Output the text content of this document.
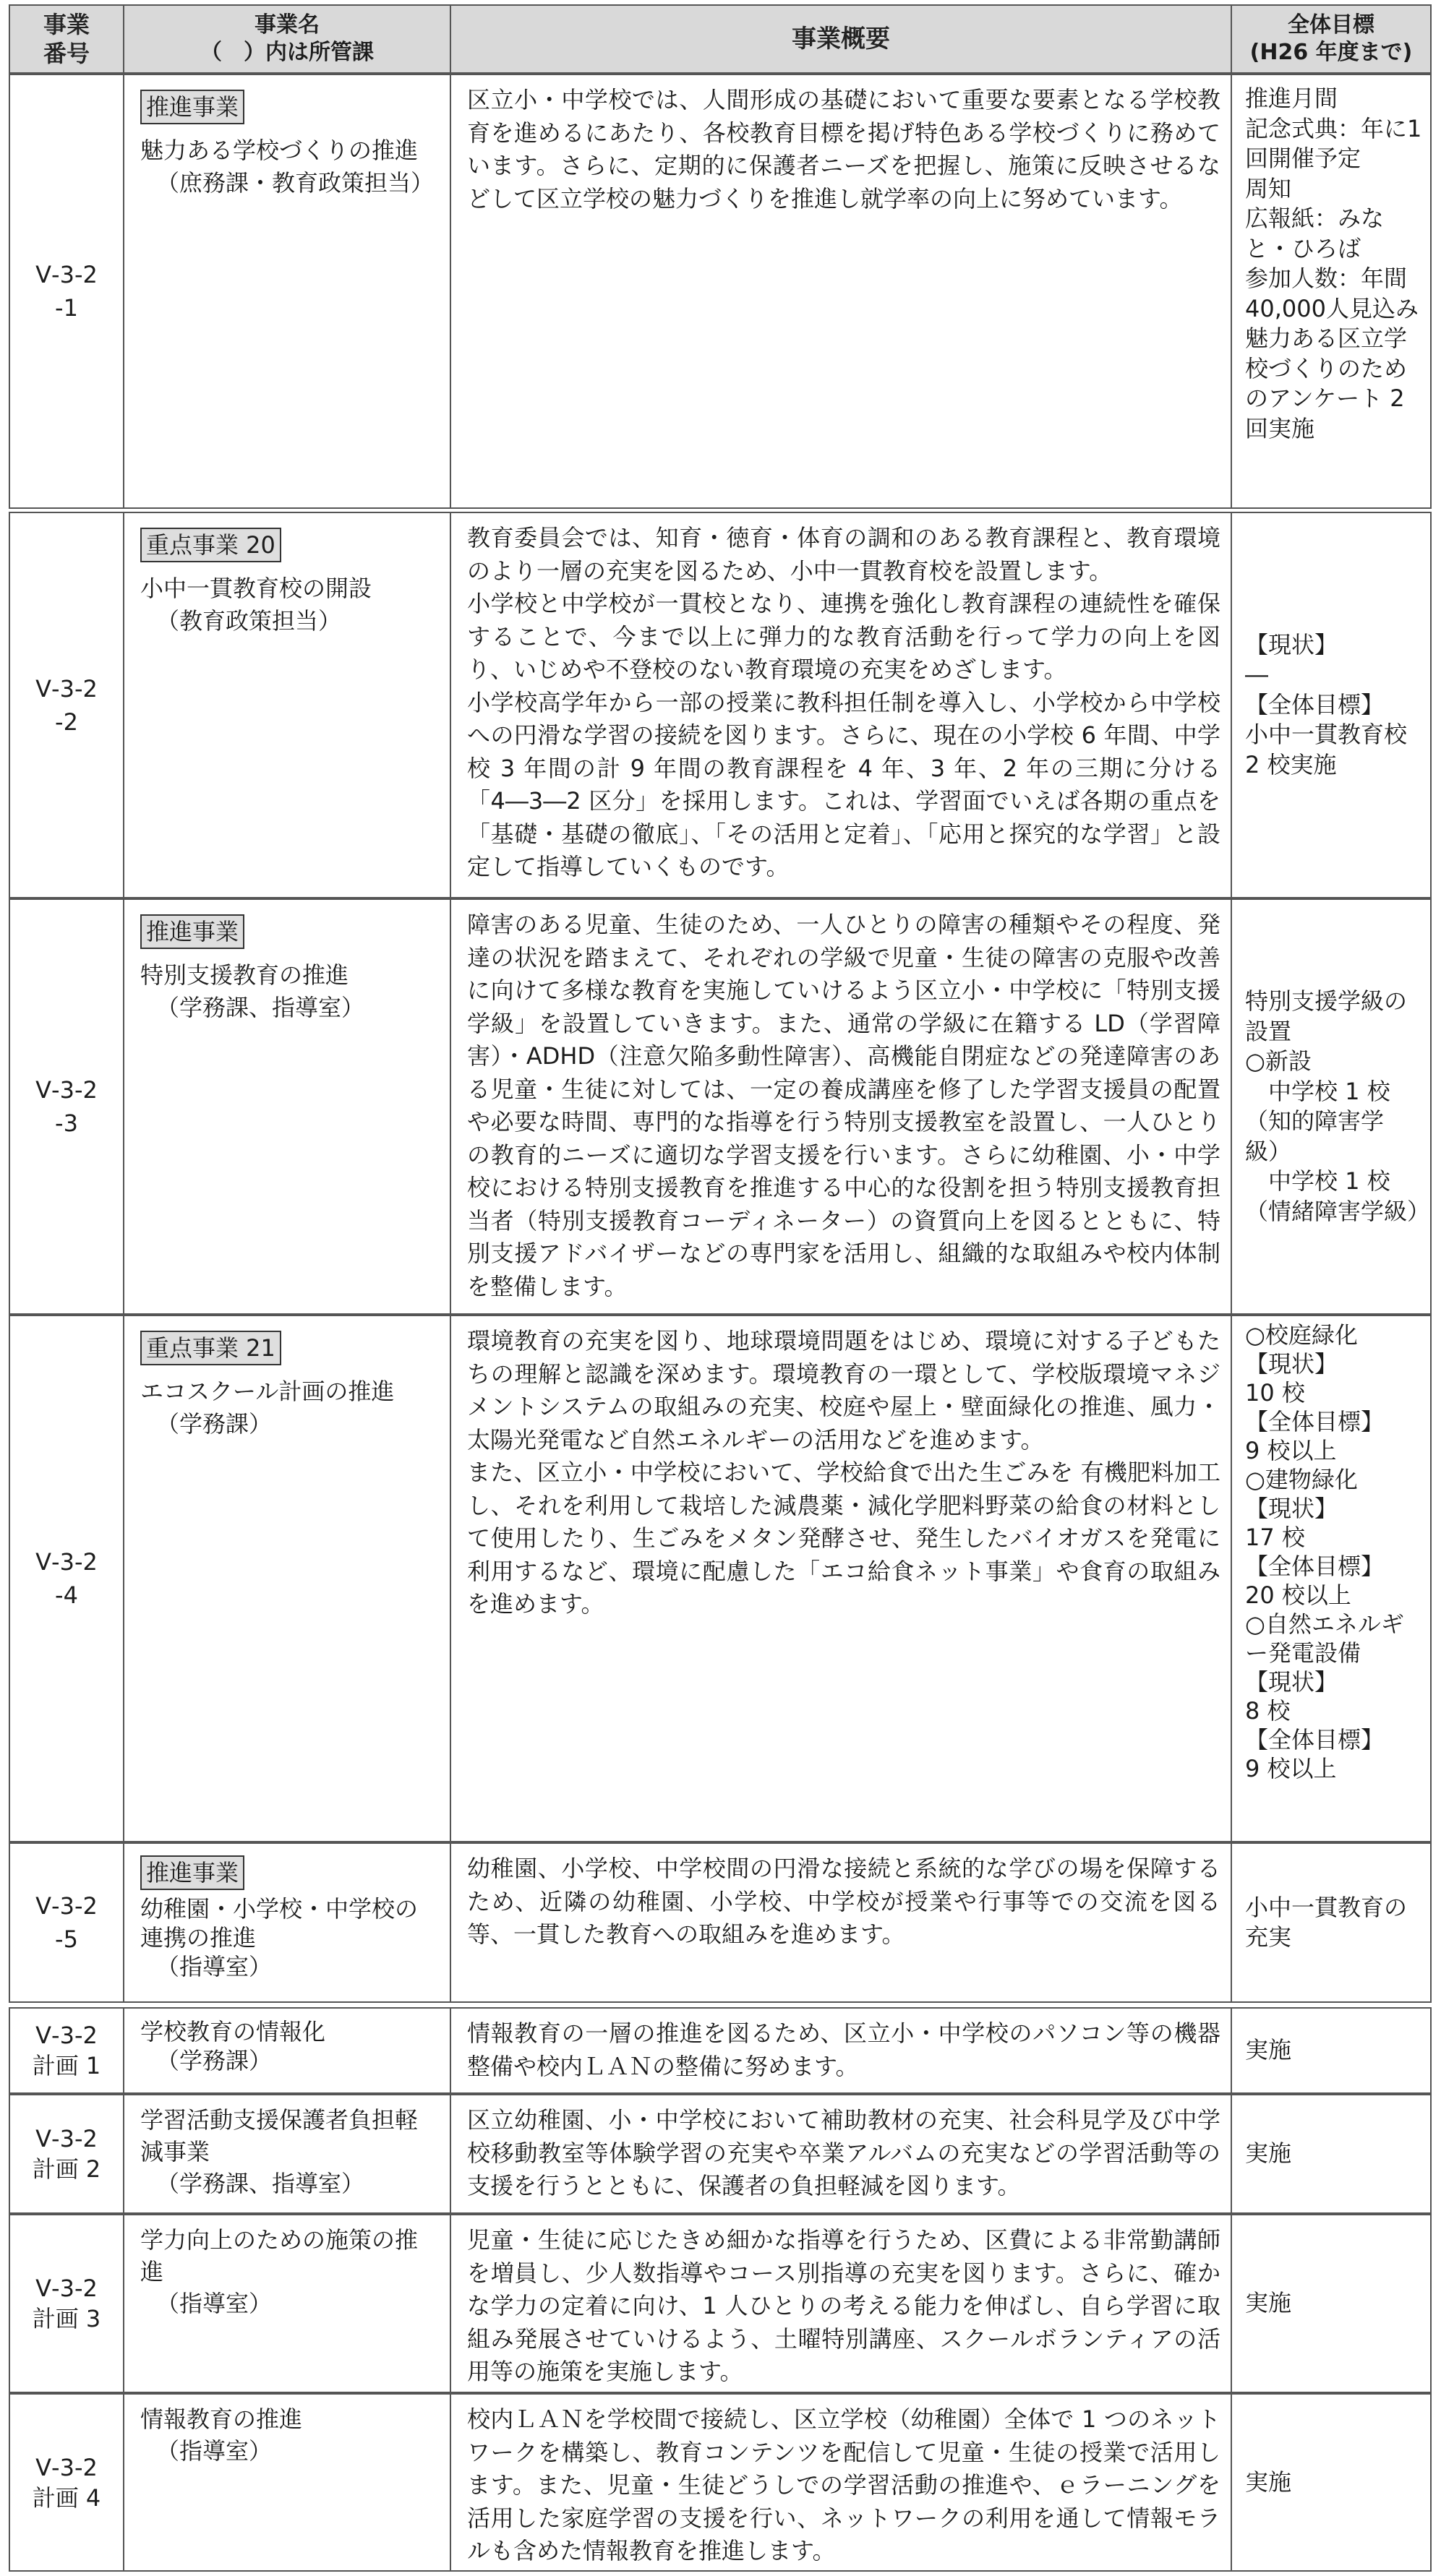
事業
番号
事業名
（　）内は所管課	事業概要	全体目標
(H26 年度まで)
Ⅴ-3-2
-1
推進事業
魅力ある学校づくりの推進
（庶務課・教育政策担当）
区立小・中学校では、人間形成の基礎において重要な要素となる学校教育を進めるにあたり、各校教育目標を掲げ特色ある学校づくりに務めています。さらに、定期的に保護者ニーズを把握し、施策に反映させるなどして区立学校の魅力づくりを推進し就学率の向上に努めています。
推進月間
記念式典：年に1回開催予定
周知
広報紙：みなと・ひろば
参加人数：年間40,000人見込み
魅力ある区立学校づくりのためのアンケート 2回実施
Ⅴ-3-2
-2
重点事業 20
小中一貫教育校の開設
（教育政策担当）
教育委員会では、知育・徳育・体育の調和のある教育課程と、教育環境のより一層の充実を図るため、小中一貫教育校を設置します。
小学校と中学校が一貫校となり、連携を強化し教育課程の連続性を確保することで、今まで以上に弾力的な教育活動を行って学力の向上を図り、いじめや不登校のない教育環境の充実をめざします。
小学校高学年から一部の授業に教科担任制を導入し、小学校から中学校への円滑な学習の接続を図ります。さらに、現在の小学校 6 年間、中学校 3 年間の計 9 年間の教育課程を 4 年、3 年、2 年の三期に分ける「4―3―2 区分」を採用します。これは、学習面でいえば各期の重点を「基礎・基礎の徹底」、「その活用と定着」、「応用と探究的な学習」と設定して指導していくものです。
【現状】
―
【全体目標】
小中一貫教育校 2 校実施
Ⅴ-3-2
-3
推進事業
特別支援教育の推進
（学務課、指導室）
障害のある児童、生徒のため、一人ひとりの障害の種類やその程度、発達の状況を踏まえて、それぞれの学級で児童・生徒の障害の克服や改善に向けて多様な教育を実施していけるよう区立小・中学校に「特別支援学級」を設置していきます。また、通常の学級に在籍する LD（学習障害）・ADHD（注意欠陥多動性障害）、高機能自閉症などの発達障害のある児童・生徒に対しては、一定の養成講座を修了した学習支援員の配置や必要な時間、専門的な指導を行う特別支援教室を設置し、一人ひとりの教育的ニーズに適切な学習支援を行います。さらに幼稚園、小・中学校における特別支援教育を推進する中心的な役割を担う特別支援教育担当者（特別支援教育コーディネーター）の資質向上を図るとともに、特別支援アドバイザーなどの専門家を活用し、組織的な取組みや校内体制を整備します。
特別支援学級の設置
○新設
　中学校 1 校
（知的障害学級）
　中学校 1 校
（情緒障害学級）
Ⅴ-3-2
-4
重点事業 21
エコスクール計画の推進
（学務課）
環境教育の充実を図り、地球環境問題をはじめ、環境に対する子どもたちの理解と認識を深めます。環境教育の一環として、学校版環境マネジメントシステムの取組みの充実、校庭や屋上・壁面緑化の推進、風力・太陽光発電など自然エネルギーの活用などを進めます。
また、区立小・中学校において、学校給食で出た生ごみを 有機肥料加工し、それを利用して栽培した減農薬・減化学肥料野菜の給食の材料として使用したり、生ごみをメタン発酵させ、発生したバイオガスを発電に利用するなど、環境に配慮した「エコ給食ネット事業」や食育の取組みを進めます。
○校庭緑化
【現状】
10 校
【全体目標】
9 校以上
○建物緑化
【現状】
17 校
【全体目標】
20 校以上
○自然エネルギー発電設備
【現状】
8 校
【全体目標】
9 校以上
Ⅴ-3-2
-5
推進事業
幼稚園・小学校・中学校の連携の推進
（指導室）
幼稚園、小学校、中学校間の円滑な接続と系統的な学びの場を保障するため、近隣の幼稚園、小学校、中学校が授業や行事等での交流を図る等、一貫した教育への取組みを進めます。
小中一貫教育の充実
Ⅴ-3-2
計画 1
学校教育の情報化
（学務課）
情報教育の一層の推進を図るため、区立小・中学校のパソコン等の機器整備や校内ＬＡＮの整備に努めます。
実施
Ⅴ-3-2
計画 2
学習活動支援保護者負担軽減事業
（学務課、指導室）
区立幼稚園、小・中学校において補助教材の充実、社会科見学及び中学校移動教室等体験学習の充実や卒業アルバムの充実などの学習活動等の支援を行うとともに、保護者の負担軽減を図ります。
実施
Ⅴ-3-2
計画 3
学力向上のための施策の推進
（指導室）
児童・生徒に応じたきめ細かな指導を行うため、区費による非常勤講師を増員し、少人数指導やコース別指導の充実を図ります。さらに、確かな学力の定着に向け、1 人ひとりの考える能力を伸ばし、自ら学習に取組み発展させていけるよう、土曜特別講座、スクールボランティアの活用等の施策を実施します。
実施
Ⅴ-3-2
計画 4
情報教育の推進
（指導室）
校内ＬＡＮを学校間で接続し、区立学校（幼稚園）全体で 1 つのネットワークを構築し、教育コンテンツを配信して児童・生徒の授業で活用します。また、児童・生徒どうしでの学習活動の推進や、ｅラーニングを活用した家庭学習の支援を行い、ネットワークの利用を通して情報モラルも含めた情報教育を推進します。
実施
